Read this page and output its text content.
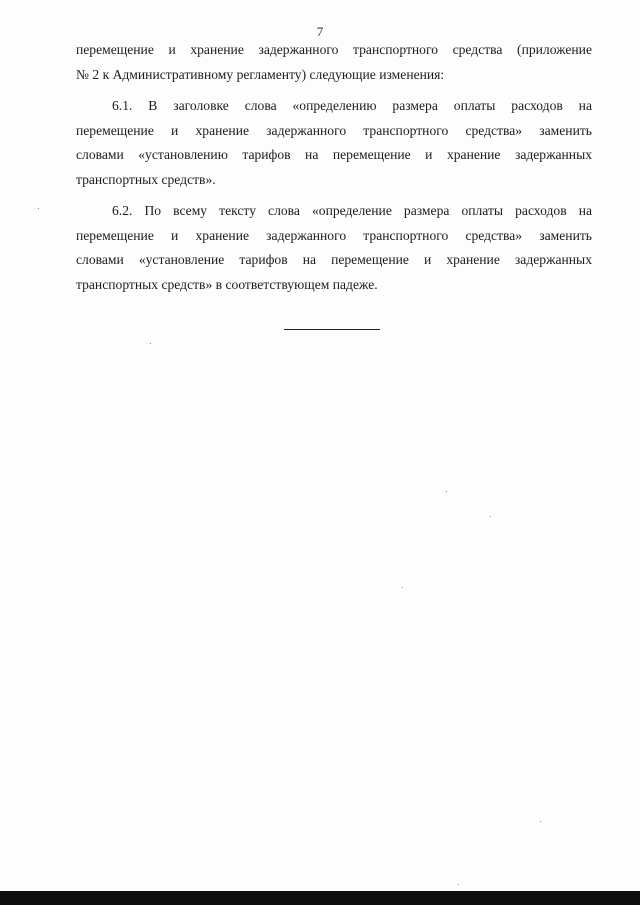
7
перемещение и хранение задержанного транспортного средства (приложение
№ 2 к Административному регламенту) следующие изменения:
6.1. В заголовке слова «определению размера оплаты расходов на
перемещение и хранение задержанного транспортного средства» заменить
словами «установлению тарифов на перемещение и хранение задержанных
транспортных средств».
6.2. По всему тексту слова «определение размера оплаты расходов на
перемещение и хранение задержанного транспортного средства» заменить
словами «установление тарифов на перемещение и хранение задержанных
транспортных средств» в соответствующем падеже.
